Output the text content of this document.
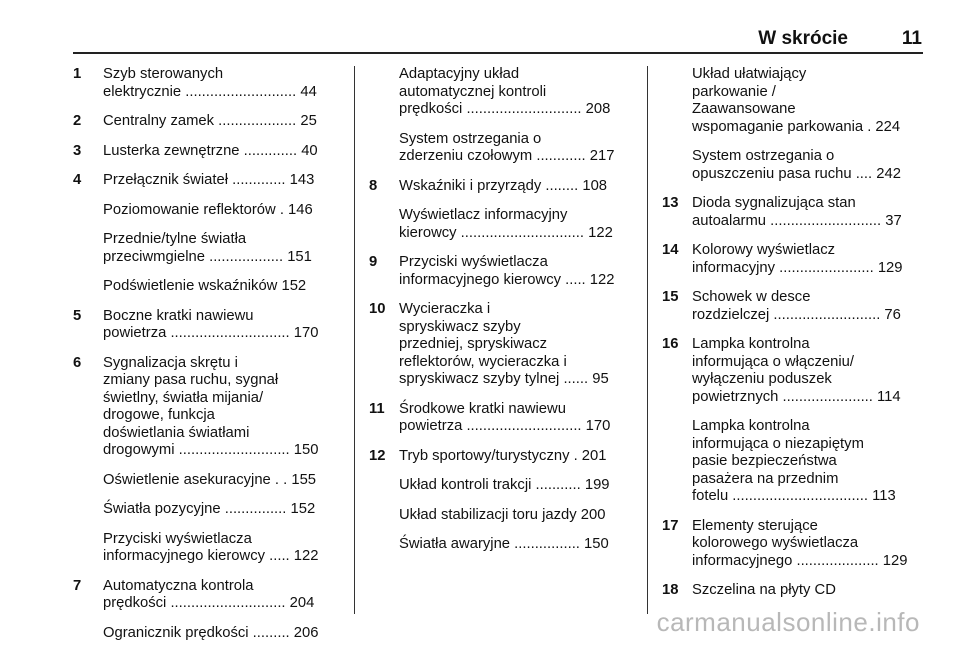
W skrócie	11
1 Szyb sterowanych
elektrycznie ........................... 44
2 Centralny zamek ................... 25
3 Lusterka zewnętrzne ............. 40
4 Przełącznik świateł ............. 143
Poziomowanie reflektorów . 146
Przednie/tylne światła
przeciwmgielne .................. 151
Podświetlenie wskaźników 152
5 Boczne kratki nawiewu
powietrza ............................. 170
6 Sygnalizacja skrętu i
zmiany pasa ruchu, sygnał
świetlny, światła mijania/
drogowe, funkcja
doświetlania światłami
drogowymi ........................... 150
Oświetlenie asekuracyjne . . 155
Światła pozycyjne ............... 152
Przyciski wyświetlacza
informacyjnego kierowcy ..... 122
7 Automatyczna kontrola
prędkości ............................ 204
Ogranicznik prędkości ......... 206
Adaptacyjny układ
automatycznej kontroli
prędkości ............................ 208
System ostrzegania o
zderzeniu czołowym ............ 217
8 Wskaźniki i przyrządy ........ 108
Wyświetlacz informacyjny
kierowcy .............................. 122
9 Przyciski wyświetlacza
informacyjnego kierowcy ..... 122
10 Wycieraczka i
spryskiwacz szyby
przedniej, spryskiwacz
reflektorów, wycieraczka i
spryskiwacz szyby tylnej ...... 95
11 Środkowe kratki nawiewu
powietrza ............................ 170
12 Tryb sportowy/turystyczny . 201
Układ kontroli trakcji ........... 199
Układ stabilizacji toru jazdy 200
Światła awaryjne ................ 150
Układ ułatwiający
parkowanie /
Zaawansowane
wspomaganie parkowania . 224
System ostrzegania o
opuszczeniu pasa ruchu .... 242
13 Dioda sygnalizująca stan
autoalarmu ........................... 37
14 Kolorowy wyświetlacz
informacyjny ....................... 129
15 Schowek w desce
rozdzielczej .......................... 76
16 Lampka kontrolna
informująca o włączeniu/
wyłączeniu poduszek
powietrznych ...................... 114
Lampka kontrolna
informująca o niezapiętym
pasie bezpieczeństwa
pasażera na przednim
fotelu ................................. 113
17 Elementy sterujące
kolorowego wyświetlacza
informacyjnego .................... 129
18 Szczelina na płyty CD
carmanualsonline.info
